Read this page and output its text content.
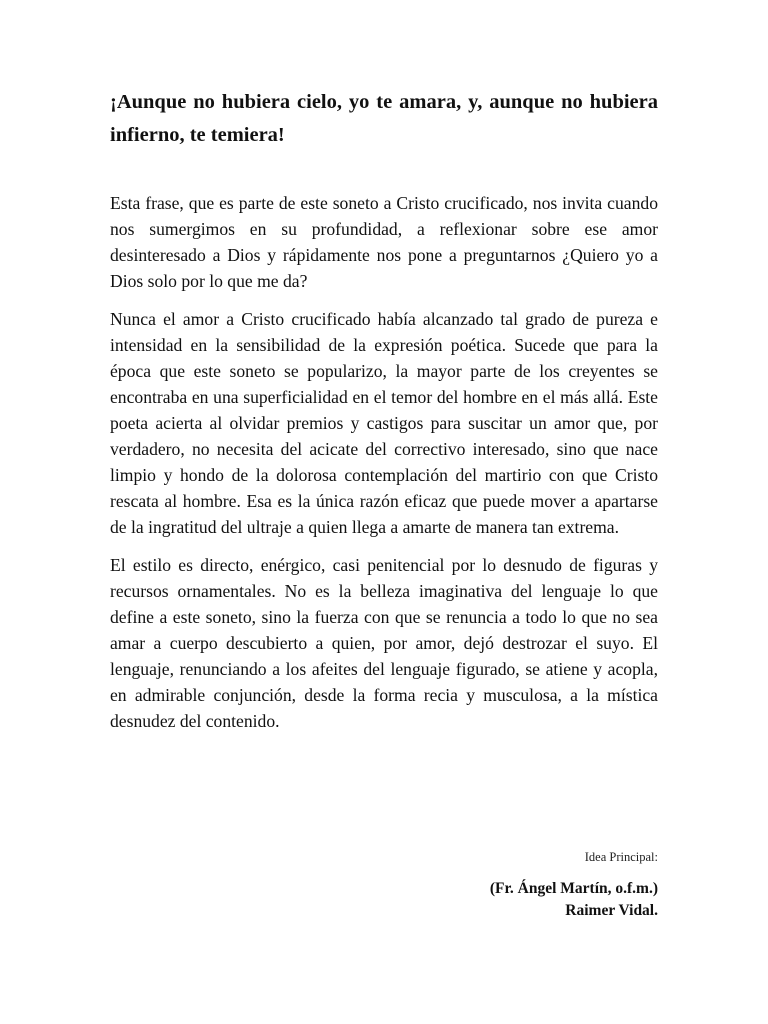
¡Aunque no hubiera cielo, yo te amara, y, aunque no hubiera infierno, te temiera!

Esta frase, que es parte de este soneto a Cristo crucificado, nos invita cuando nos sumergimos en su profundidad, a reflexionar sobre ese amor desinteresado a Dios y rápidamente nos pone a preguntarnos ¿Quiero yo a Dios solo por lo que me da?

Nunca el amor a Cristo crucificado había alcanzado tal grado de pureza e intensidad en la sensibilidad de la expresión poética. Sucede que para la época que este soneto se popularizo, la mayor parte de los creyentes se encontraba en una superficialidad en el temor del hombre en el más allá. Este poeta acierta al olvidar premios y castigos para suscitar un amor que, por verdadero, no necesita del acicate del correctivo interesado, sino que nace limpio y hondo de la dolorosa contemplación del martirio con que Cristo rescata al hombre. Esa es la única razón eficaz que puede mover a apartarse de la ingratitud del ultraje a quien llega a amarte de manera tan extrema.

El estilo es directo, enérgico, casi penitencial por lo desnudo de figuras y recursos ornamentales. No es la belleza imaginativa del lenguaje lo que define a este soneto, sino la fuerza con que se renuncia a todo lo que no sea amar a cuerpo descubierto a quien, por amor, dejó destrozar el suyo. El lenguaje, renunciando a los afeites del lenguaje figurado, se atiene y acopla, en admirable conjunción, desde la forma recia y musculosa, a la mística desnudez del contenido.

Idea Principal:

(Fr. Ángel Martín, o.f.m.)
Raimer Vidal.
